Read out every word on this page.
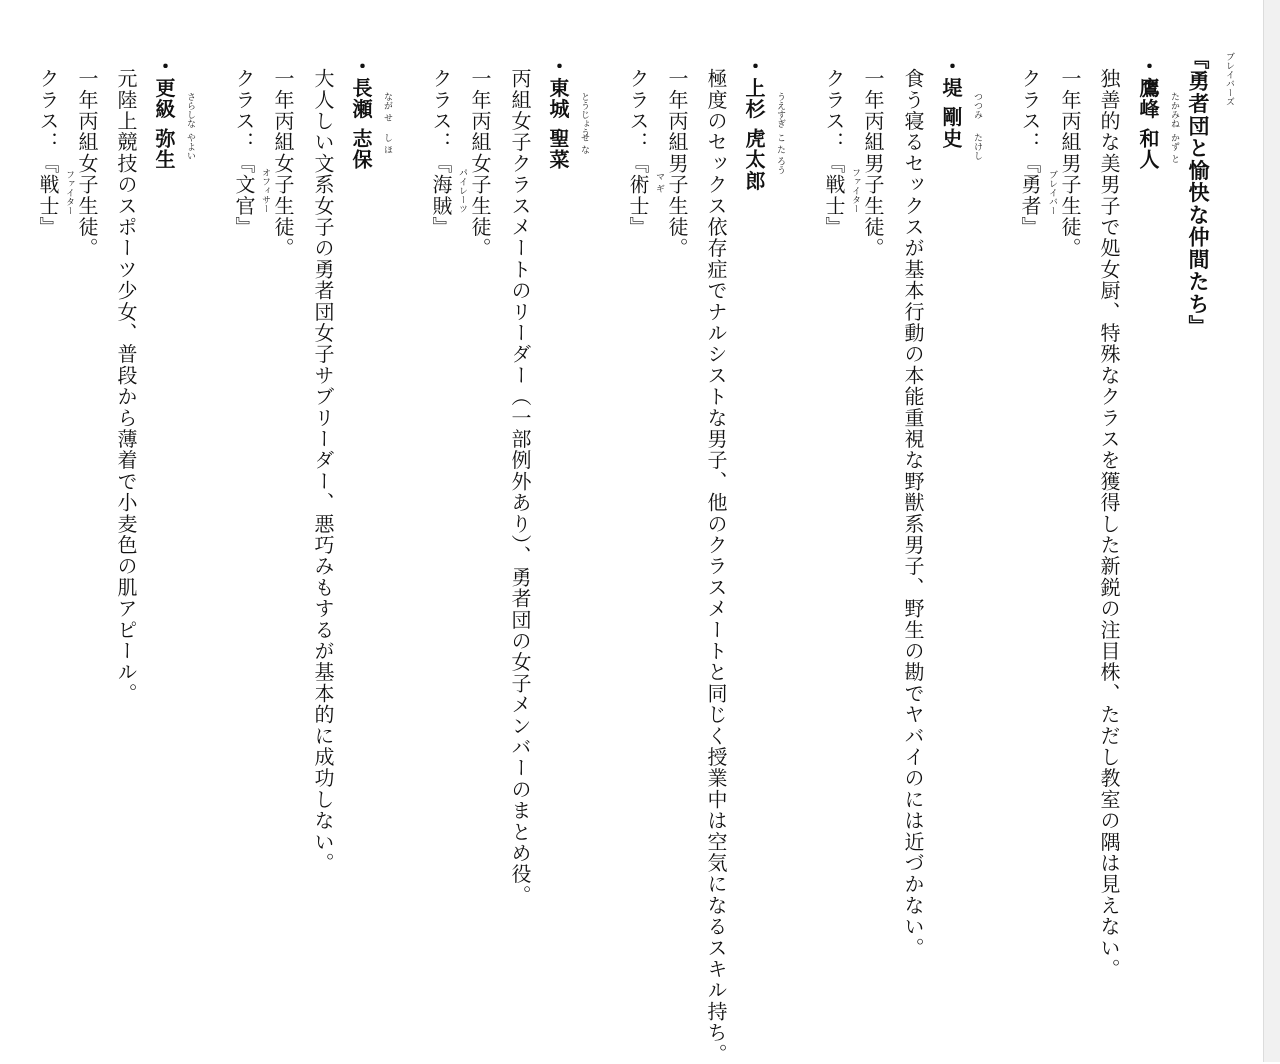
ブレイバーズ
『勇者団と愉快な仲間たち』
たかみね
かず と
・鷹峰 和人
独善的な美男子で処女厨、特殊なクラスを獲得した新鋭の注目株、ただし教室の隅は見えない。
一年丙組男子生徒。
ブレイバー
クラス：『勇者』
つつみ
たけし
・堤 剛史
食う寝るセックスが基本行動の本能重視な野獣系男子、野生の勘でヤバイのには近づかない。
一年丙組男子生徒。
ファイター
クラス：『戦士』
うえすぎ
こ た ろう
・上杉 虎太郎
極度のセックス依存症でナルシストな男子、他のクラスメートと同じく授業中は空気になるスキル持ち。
一年丙組男子生徒。
マ ギ
クラス：『術士』
とうじょう
せ な
・東城 聖菜
丙組女子クラスメートのリーダー（一部例外あり）、勇者団の女子メンバーのまとめ役。
一年丙組女子生徒。
パイレーツ
クラス：『海賊』
なが せ
し ほ
・長瀬 志保
大人しい文系女子の勇者団女子サブリーダー、悪巧みもするが基本的に成功しない。
一年丙組女子生徒。
オフィサー
クラス：『文官』
さらしな
やよい
・更級 弥生
元陸上競技のスポーツ少女、普段から薄着で小麦色の肌アピール。
一年丙組女子生徒。
ファイター
クラス：『戦士』
